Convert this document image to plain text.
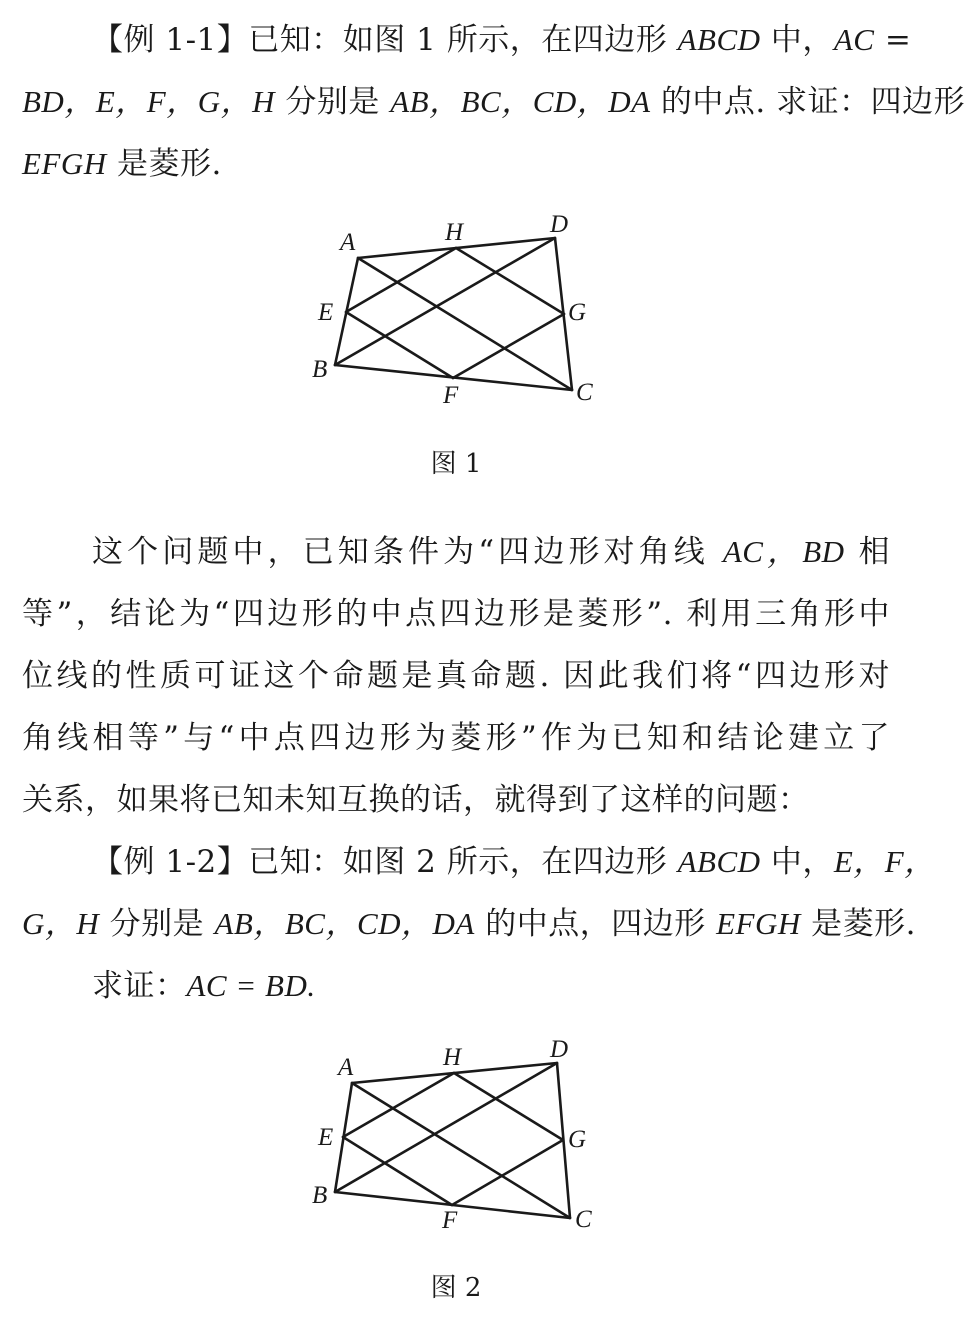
【例 1-1】已知：如图 1 所示，在四边形 ABCD 中，AC =
BD，E，F，G，H 分别是 AB，BC，CD，DA 的中点. 求证：四边形
EFGH 是菱形.
A	H	D
E	G
B
F	C
图 1
这个问题中，已知条件为“四边形对角线 AC，BD 相
等”，结论为“四边形的中点四边形是菱形”. 利用三角形中
位线的性质可证这个命题是真命题. 因此我们将“四边形对
角线相等”与“中点四边形为菱形”作为已知和结论建立了
关系，如果将已知未知互换的话，就得到了这样的问题：
【例 1-2】已知：如图 2 所示，在四边形 ABCD 中，E，F，
G，H 分别是 AB，BC，CD，DA 的中点，四边形 EFGH 是菱形.
求证：AC = BD.
A	H	D
E	G
B
F	C
图 2
